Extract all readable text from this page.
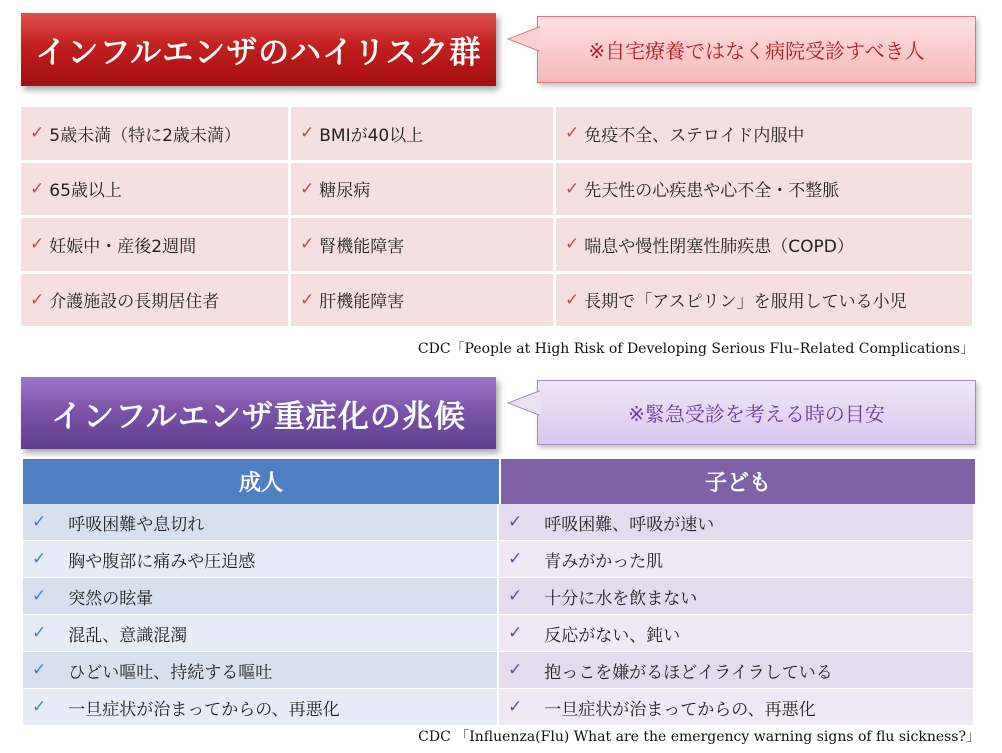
インフルエンザのハイリスク群	※自宅療養ではなく病院受診すべき人
✓ 5歳未満（特に2歳未満）	✓ BMIが40以上	✓ 免疫不全、ステロイド内服中
✓ 65歳以上	✓ 糖尿病	✓ 先天性の心疾患や心不全・不整脈
✓ 妊娠中・産後2週間	✓ 腎機能障害	✓ 喘息や慢性閉塞性肺疾患（COPD）
✓ 介護施設の長期居住者	✓ 肝機能障害	✓ 長期で「アスピリン」を服用している小児
CDC「People at High Risk of Developing Serious Flu–Related Complications」
インフルエンザ重症化の兆候	※緊急受診を考える時の目安
成人	子ども
✓ 呼吸困難や息切れ	✓ 呼吸困難、呼吸が速い
✓ 胸や腹部に痛みや圧迫感	✓ 青みがかった肌
✓ 突然の眩暈	✓ 十分に水を飲まない
✓ 混乱、意識混濁	✓ 反応がない、鈍い
✓ ひどい嘔吐、持続する嘔吐	✓ 抱っこを嫌がるほどイライラしている
✓ 一旦症状が治まってからの、再悪化	✓ 一旦症状が治まってからの、再悪化
CDC 「Influenza(Flu) What are the emergency warning signs of flu sickness?」
